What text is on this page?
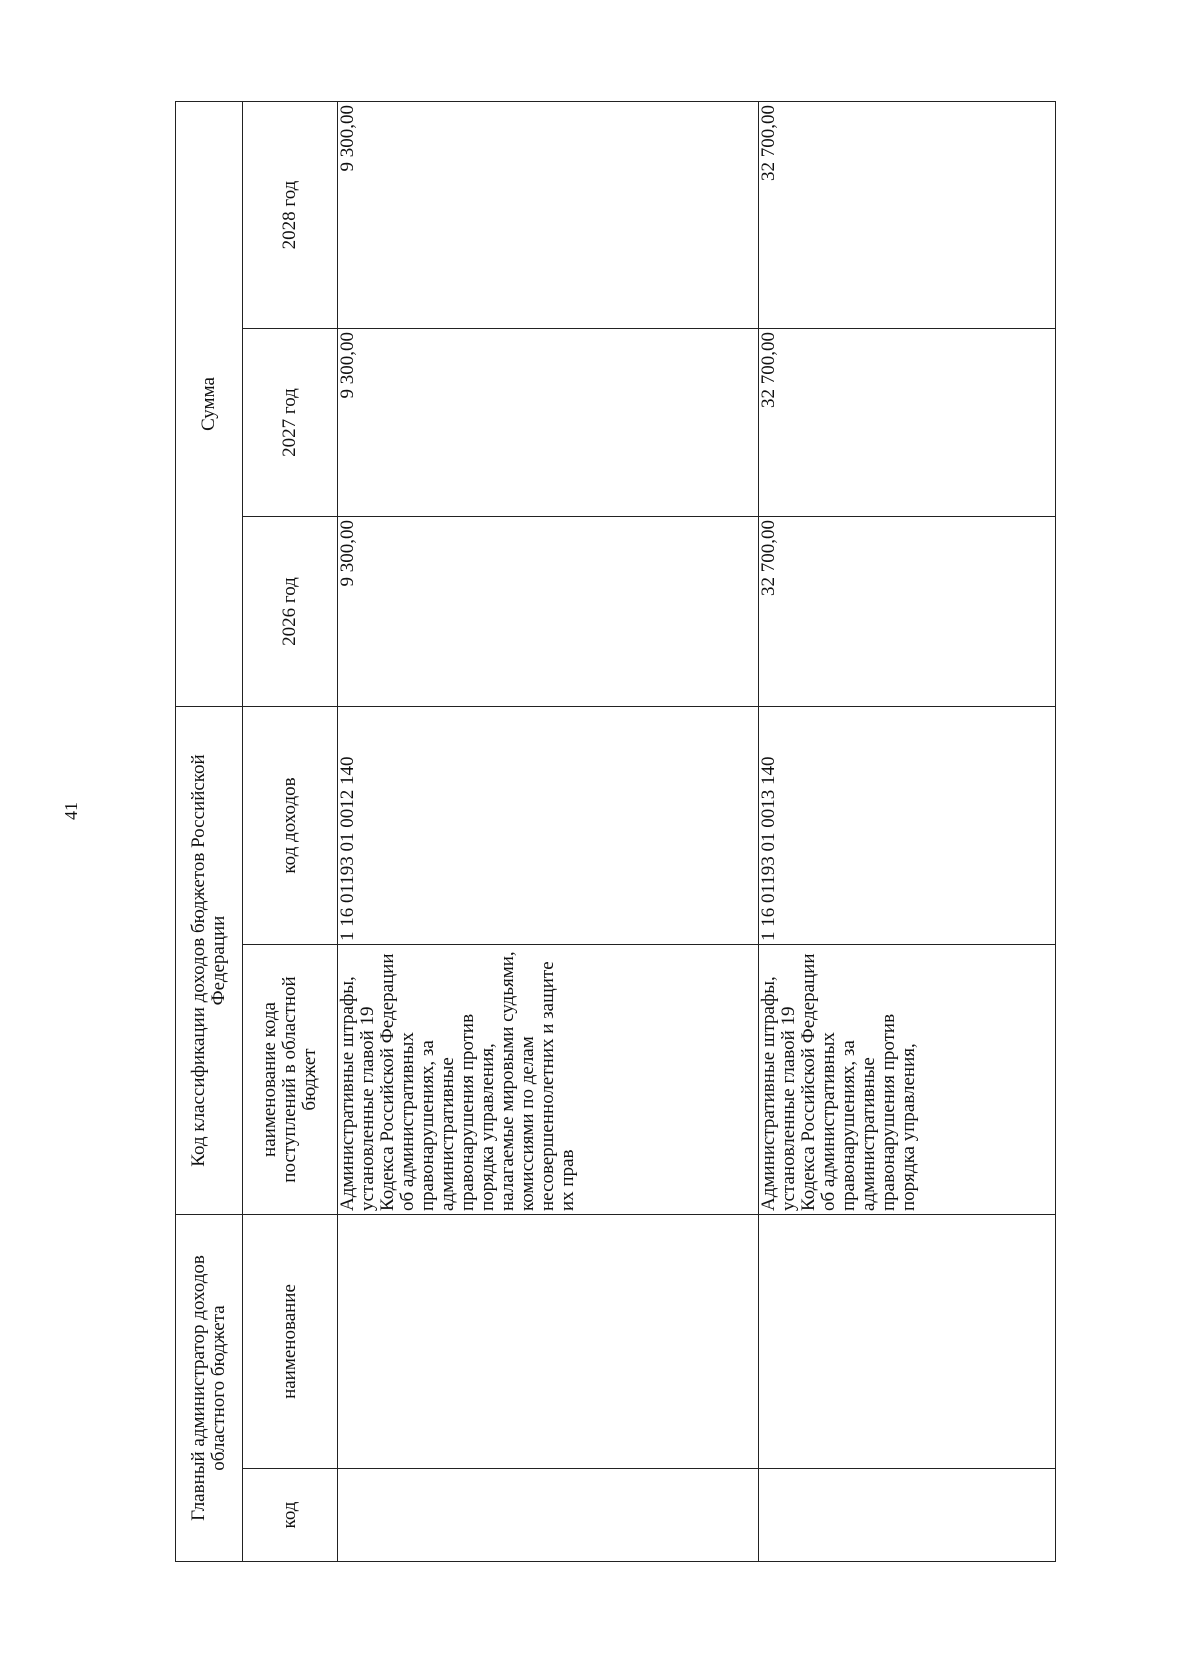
41
Главный администратор доходов областного бюджета		Код классификации доходов бюджетов Российской Федерации		Сумма		
код	наименование	наименование кода поступлений в областной бюджет	код доходов	2026 год	2027 год	2028 год
		Административные штрафы, установленные главой 19 Кодекса Российской Федерации об административных правонарушениях, за административные правонарушения против порядка управления, налагаемые мировыми судьями, комиссиями по делам несовершеннолетних и защите их прав	1 16 01193 01 0012 140	9 300,00	9 300,00	9 300,00
		Административные штрафы, установленные главой 19 Кодекса Российской Федерации об административных правонарушениях, за административные правонарушения против порядка управления,	1 16 01193 01 0013 140	32 700,00	32 700,00	32 700,00
